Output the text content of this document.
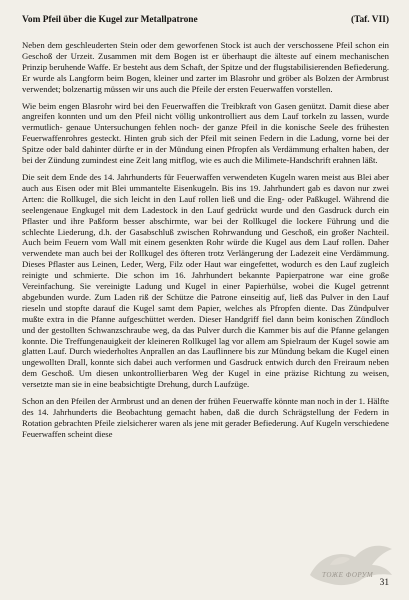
Vom Pfeil über die Kugel zur Metallpatrone	(Taf. VII)

Neben dem geschleuderten Stein oder dem geworfenen Stock ist auch der verschossene Pfeil schon ein Geschoß der Urzeit. Zusammen mit dem Bogen ist er überhaupt die älteste auf einem mechanischen Prinzip beruhende Waffe. Er besteht aus dem Schaft, der Spitze und der flugstabilisierenden Befiederung. Er wurde als Langform beim Bogen, kleiner und zarter im Blasrohr und gröber als Bolzen der Armbrust verwendet; bolzenartig müssen wir uns auch die Pfeile der ersten Feuerwaffen vorstellen.

Wie beim engen Blasrohr wird bei den Feuerwaffen die Treibkraft von Gasen genützt. Damit diese aber angreifen konnten und um den Pfeil nicht völlig unkontrolliert aus dem Lauf torkeln zu lassen, wurde vermutlich- genaue Untersuchungen fehlen noch- der ganze Pfeil in die konische Seele des frühesten Feuerwaffenrohres gesteckt. Hinten grub sich der Pfeil mit seinen Federn in die Ladung, vorne bei der Spitze oder bald dahinter dürfte er in der Mündung einen Pfropfen als Verdämmung erhalten haben, der bei der Zündung zumindest eine Zeit lang mitflog, wie es auch die Milimete-Handschrift erahnen läßt.

Die seit dem Ende des 14. Jahrhunderts für Feuerwaffen verwendeten Kugeln waren meist aus Blei aber auch aus Eisen oder mit Blei ummantelte Eisenkugeln. Bis ins 19. Jahrhundert gab es davon nur zwei Arten: die Rollkugel, die sich leicht in den Lauf rollen ließ und die Eng- oder Paßkugel. Während die seelengenaue Engkugel mit dem Ladestock in den Lauf gedrückt wurde und den Gasdruck durch ein Pflaster und ihre Paßform besser abschirmte, war bei der Rollkugel die lockere Führung und die schlechte Liederung, d.h. der Gasabschluß zwischen Rohrwandung und Geschoß, ein großer Nachteil. Auch beim Feuern vom Wall mit einem gesenkten Rohr würde die Kugel aus dem Lauf rollen. Daher verwendete man auch bei der Rollkugel des öfteren trotz Verlängerung der Ladezeit eine Verdämmung. Dieses Pflaster aus Leinen, Leder, Werg, Filz oder Haut war eingefettet, wodurch es den Lauf zugleich reinigte und schmierte. Die schon im 16. Jahrhundert bekannte Papierpatrone war eine große Vereinfachung. Sie vereinigte Ladung und Kugel in einer Papierhülse, wobei die Kugel getrennt abgebunden wurde. Zum Laden riß der Schütze die Patrone einseitig auf, ließ das Pulver in den Lauf rieseln und stopfte darauf die Kugel samt dem Papier, welches als Pfropfen diente. Das Zündpulver mußte extra in die Pfanne aufgeschüttet werden. Dieser Handgriff fiel dann beim konischen Zündloch und der gestollten Schwanzschraube weg, da das Pulver durch die Kammer bis auf die Pfanne gelangen konnte. Die Treffungenauigkeit der kleineren Rollkugel lag vor allem am Spielraum der Kugel sowie am glatten Lauf. Durch wiederholtes Anprallen an das Lauflinnere bis zur Mündung bekam die Kugel einen ungewollten Drall, konnte sich dabei auch verformen und Gasdruck entwich durch den Freiraum neben dem Geschoß. Um diesen unkontrollierbaren Weg der Kugel in eine präzise Richtung zu weisen, versetzte man sie in eine beabsichtigte Drehung, durch Laufzüge.

Schon an den Pfeilen der Armbrust und an denen der frühen Feuerwaffe könnte man noch in der 1. Hälfte des 14. Jahrhunderts die Beobachtung gemacht haben, daß die durch Schrägstellung der Federn in Rotation gebrachten Pfeile zielsicherer waren als jene mit gerader Befiederung. Auf Kugeln verschiedene Feuerwaffen scheint diese

ТОЖЕ ФОРУМ
31
